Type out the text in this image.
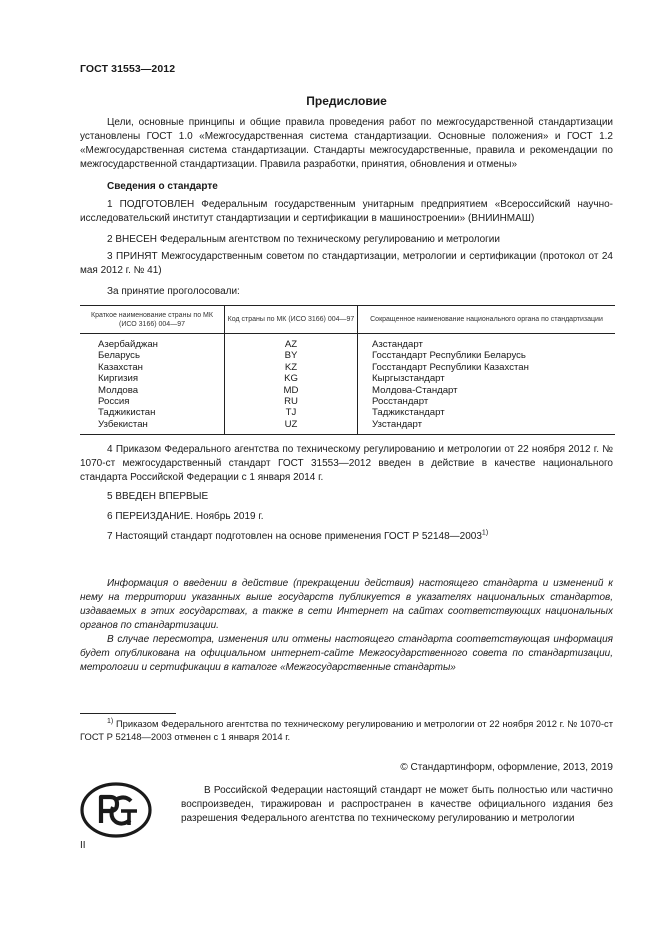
ГОСТ 31553—2012
Предисловие

Цели, основные принципы и общие правила проведения работ по межгосударственной стандартизации установлены ГОСТ 1.0 «Межгосударственная система стандартизации. Основные положения» и ГОСТ 1.2 «Межгосударственная система стандартизации. Стандарты межгосударственные, правила и рекомендации по межгосударственной стандартизации. Правила разработки, принятия, обновления и отмены»

Сведения о стандарте

1 ПОДГОТОВЛЕН Федеральным государственным унитарным предприятием «Всероссийский научно-исследовательский институт стандартизации и сертификации в машиностроении» (ВНИИНМАШ)

2 ВНЕСЕН Федеральным агентством по техническому регулированию и метрологии

3 ПРИНЯТ Межгосударственным советом по стандартизации, метрологии и сертификации (протокол от 24 мая 2012 г. № 41)

За принятие проголосовали:

Краткое наименование страны по МК (ИСО 3166) 004—97	Код страны по МК (ИСО 3166) 004—97	Сокращенное наименование национального органа по стандартизации
Азербайджан	AZ	Азстандарт
Беларусь	BY	Госстандарт Республики Беларусь
Казахстан	KZ	Госстандарт Республики Казахстан
Киргизия	KG	Кыргызстандарт
Молдова	MD	Молдова-Стандарт
Россия	RU	Росстандарт
Таджикистан	TJ	Таджикстандарт
Узбекистан	UZ	Узстандарт

4 Приказом Федерального агентства по техническому регулированию и метрологии от 22 ноября 2012 г. № 1070-ст межгосударственный стандарт ГОСТ 31553—2012 введен в действие в качестве национального стандарта Российской Федерации с 1 января 2014 г.

5 ВВЕДЕН ВПЕРВЫЕ

6 ПЕРЕИЗДАНИЕ. Ноябрь 2019 г.

7 Настоящий стандарт подготовлен на основе применения ГОСТ Р 52148—2003$^{1)}$

Информация о введении в действие (прекращении действия) настоящего стандарта и изменений к нему на территории указанных выше государств публикуется в указателях национальных стандартов, издаваемых в этих государствах, а также в сети Интернет на сайтах соответствующих национальных органов по стандартизации.

В случае пересмотра, изменения или отмены настоящего стандарта соответствующая информация будет опубликована на официальном интернет-сайте Межгосударственного совета по стандартизации, метрологии и сертификации в каталоге «Межгосударственные стандарты»

$^{1)}$ Приказом Федерального агентства по техническому регулированию и метрологии от 22 ноября 2012 г. № 1070-ст ГОСТ Р 52148—2003 отменен с 1 января 2014 г.

© Стандартинформ, оформление, 2013, 2019

В Российской Федерации настоящий стандарт не может быть полностью или частично воспроизведен, тиражирован и распространен в качестве официального издания без разрешения Федерального агентства по техническому регулированию и метрологии

II
